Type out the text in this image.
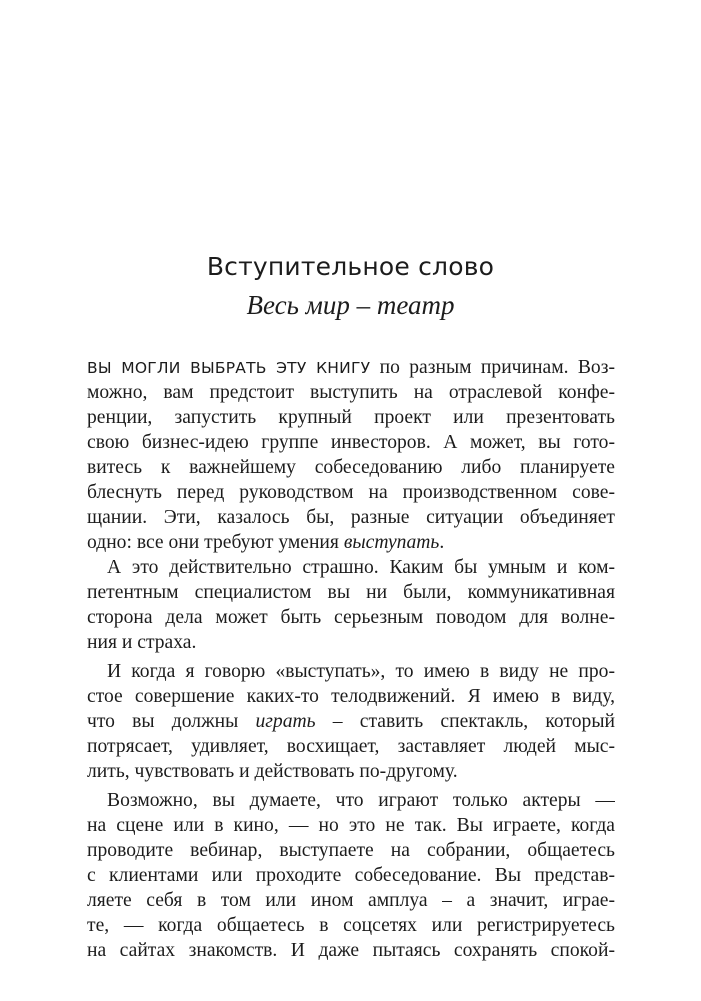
Вступительное слово
Весь мир – театр
ВЫ МОГЛИ ВЫБРАТЬ ЭТУ КНИГУ по разным причинам. Воз-
можно, вам предстоит выступить на отраслевой конфе-
ренции, запустить крупный проект или презентовать
свою бизнес-идею группе инвесторов. А может, вы гото-
витесь к важнейшему собеседованию либо планируете
блеснуть перед руководством на производственном сове-
щании. Эти, казалось бы, разные ситуации объединяет
одно: все они требуют умения выступать.
А это действительно страшно. Каким бы умным и ком-
петентным специалистом вы ни были, коммуникативная
сторона дела может быть серьезным поводом для волне-
ния и страха.
И когда я говорю «выступать», то имею в виду не про-
стое совершение каких-то телодвижений. Я имею в виду,
что вы должны играть – ставить спектакль, который
потрясает, удивляет, восхищает, заставляет людей мыс-
лить, чувствовать и действовать по-другому.
Возможно, вы думаете, что играют только актеры —
на сцене или в кино, — но это не так. Вы играете, когда
проводите вебинар, выступаете на собрании, общаетесь
с клиентами или проходите собеседование. Вы представ-
ляете себя в том или ином амплуа – а значит, играе-
те, — когда общаетесь в соцсетях или регистрируетесь
на сайтах знакомств. И даже пытаясь сохранять спокой-
